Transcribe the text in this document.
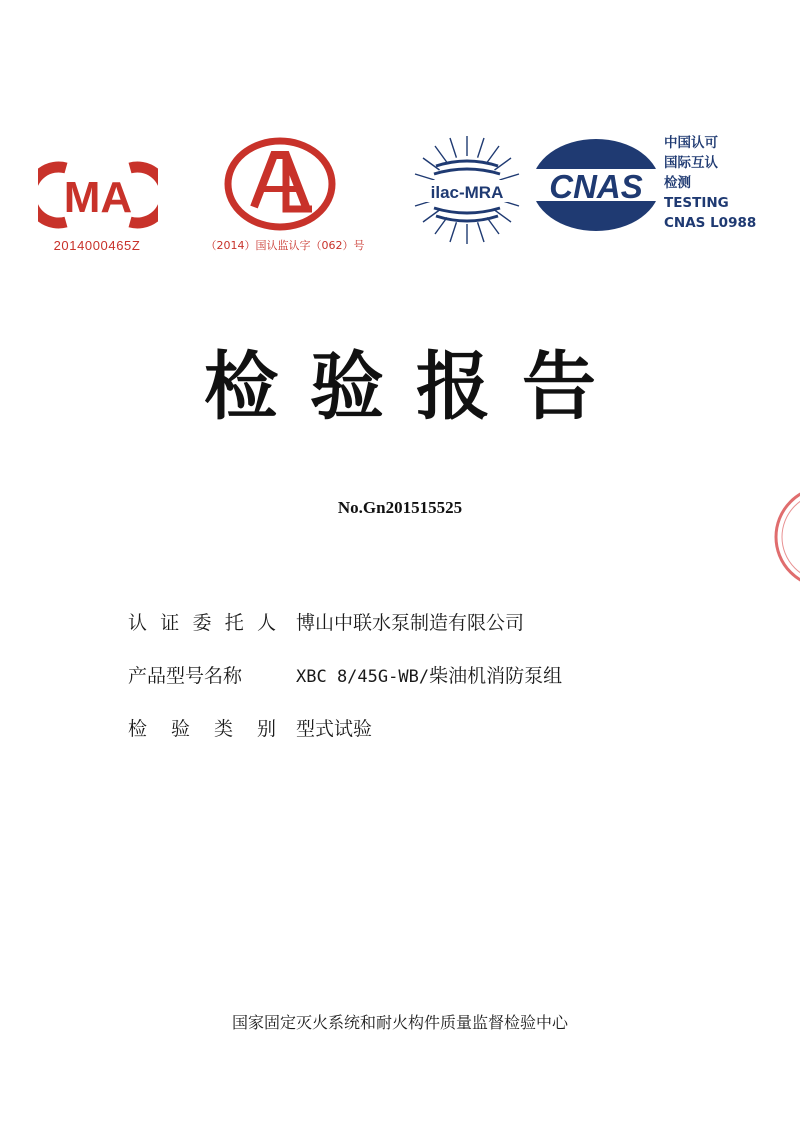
MA
2014000465Z	（2014）国认监认字（062）号
ilac-MRA CNAS
中国认可
国际互认
检测
TESTING
CNAS L0988
检验报告
No.Gn201515525
认 证 委 托 人 博山中联水泵制造有限公司
产品型号名称	XBC 8/45G-WB/柴油机消防泵组
检 验 类 别 型式试验
国家固定灭火系统和耐火构件质量监督检验中心
